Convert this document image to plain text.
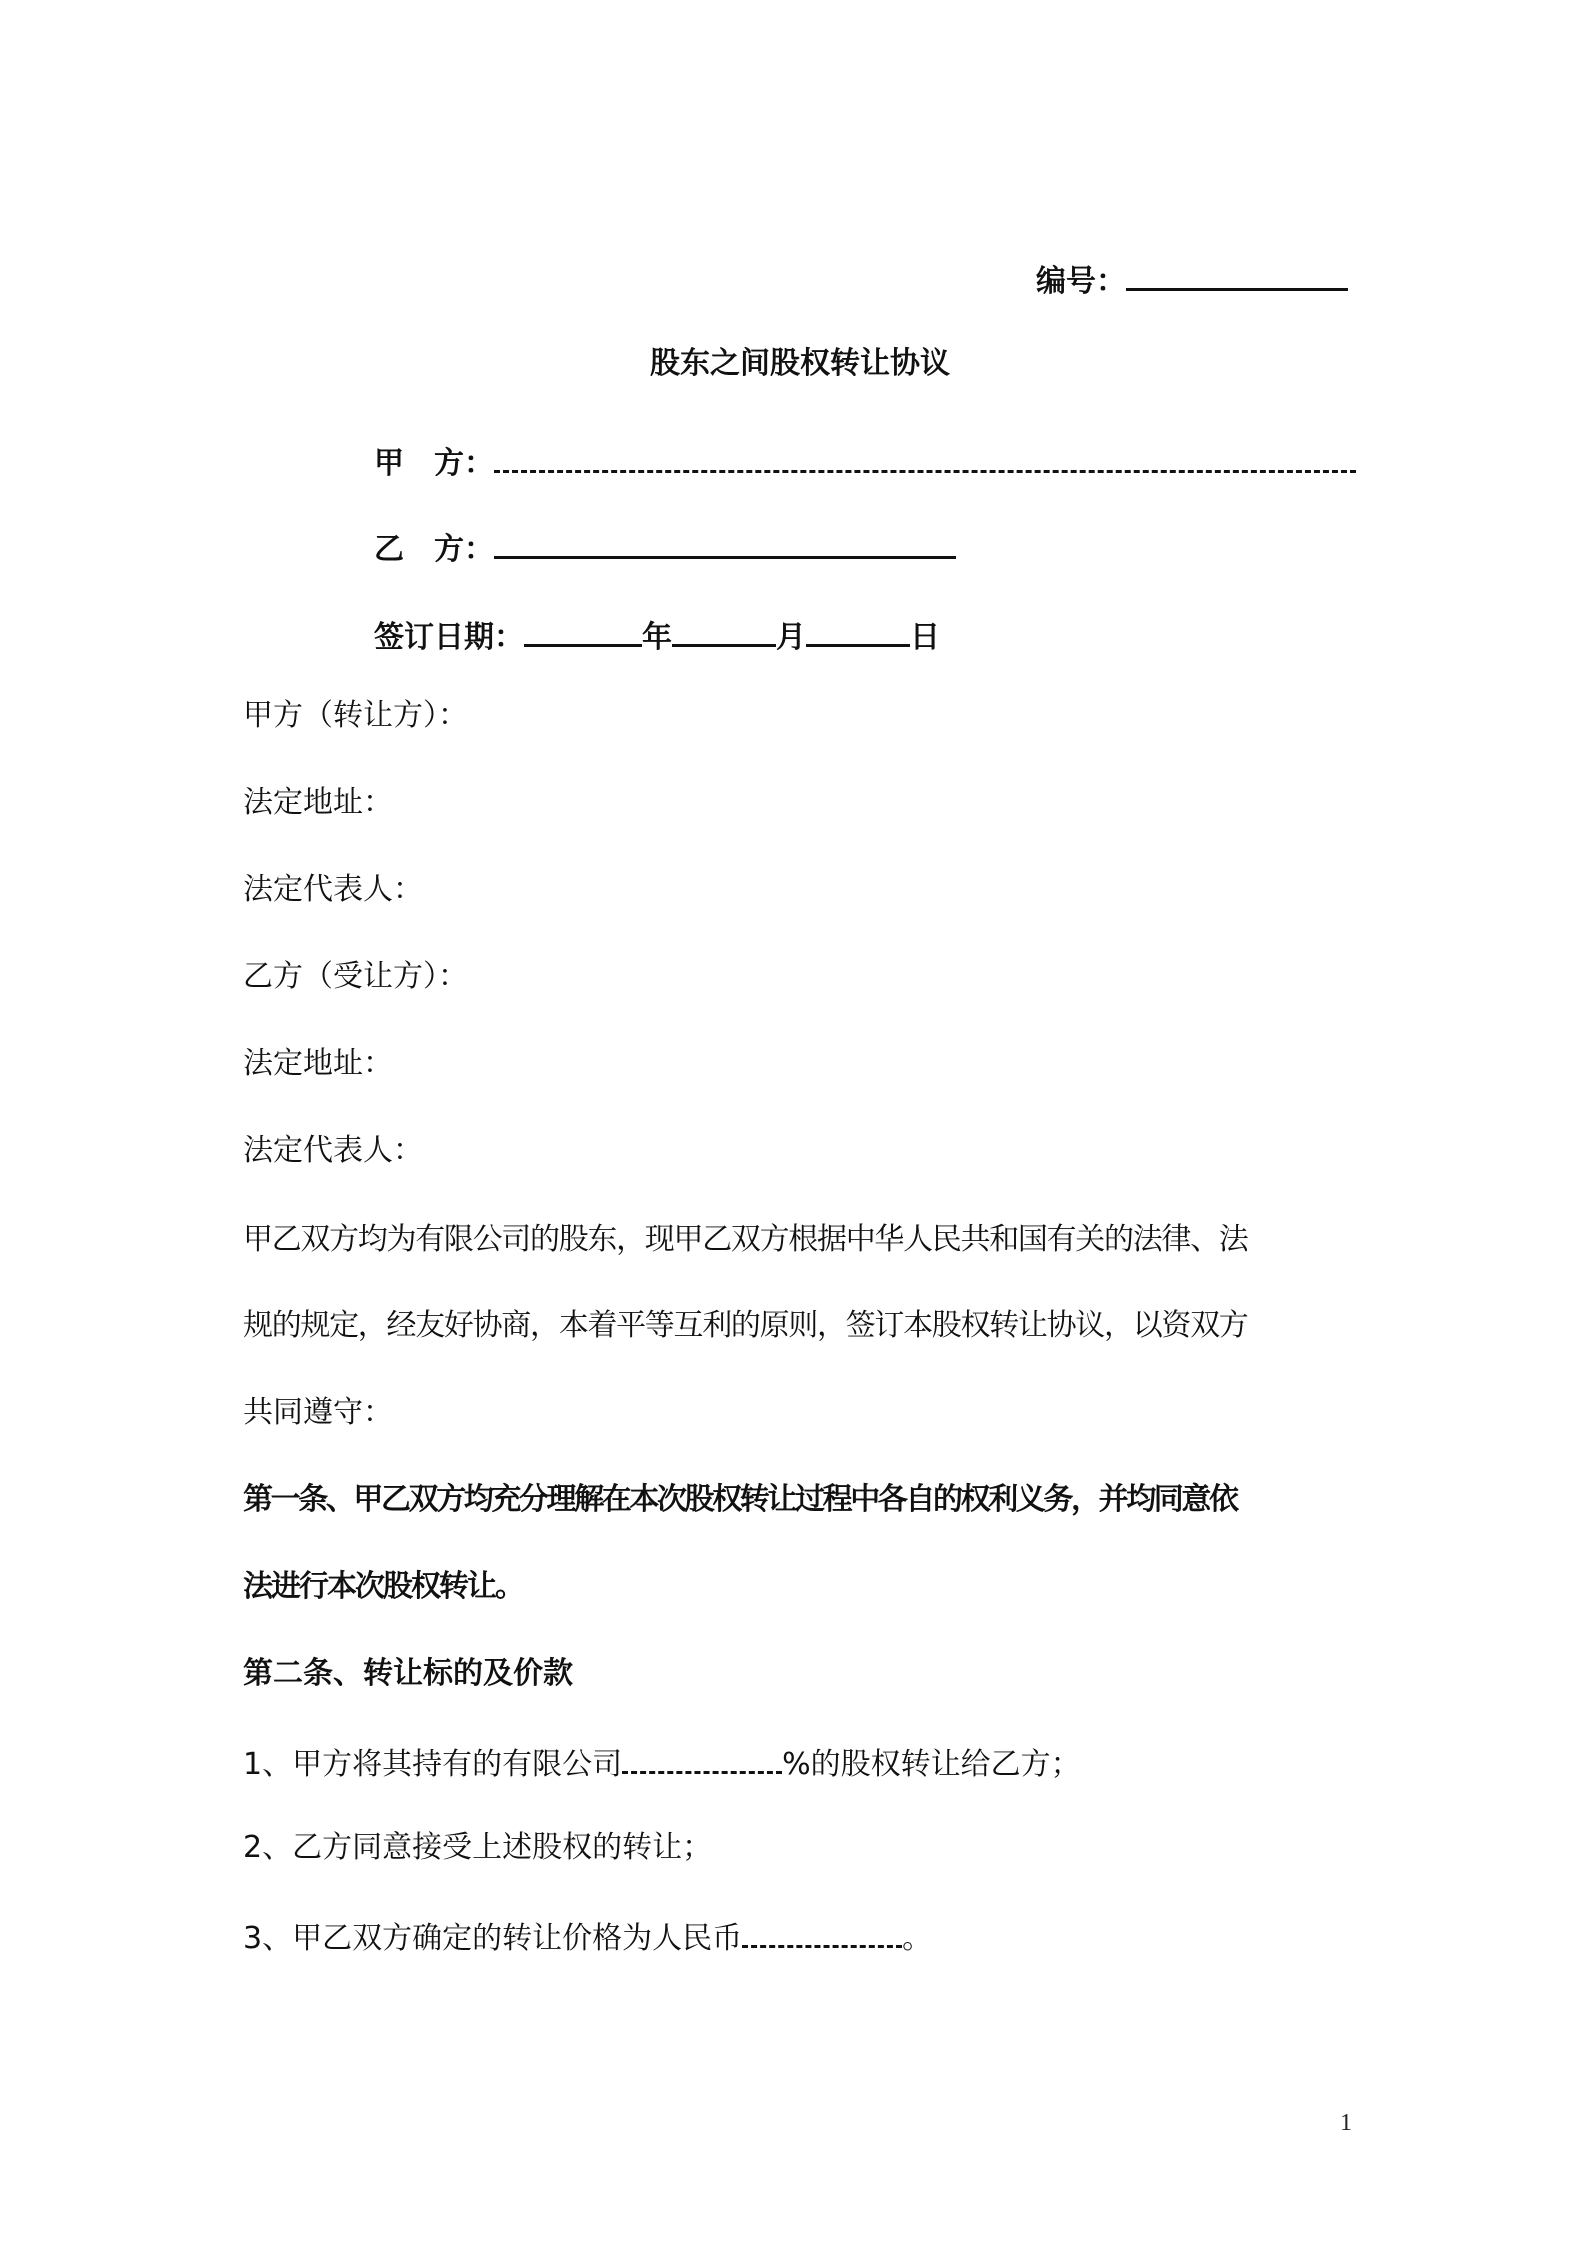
编号：
股东之间股权转让协议
甲　方：
乙　方：
签订日期：	年	月	日
甲方（转让方）：
法定地址：
法定代表人：
乙方（受让方）：
法定地址：
法定代表人：
甲乙双方均为有限公司的股东，现甲乙双方根据中华人民共和国有关的法律、法
规的规定，经友好协商，本着平等互利的原则，签订本股权转让协议，以资双方
共同遵守：
第一条、甲乙双方均充分理解在本次股权转让过程中各自的权利义务，并均同意依
法进行本次股权转让。
第二条、转让标的及价款
1、甲方将其持有的有限公司	%的股权转让给乙方；
2、乙方同意接受上述股权的转让；
3、甲乙双方确定的转让价格为人民币	。
1
